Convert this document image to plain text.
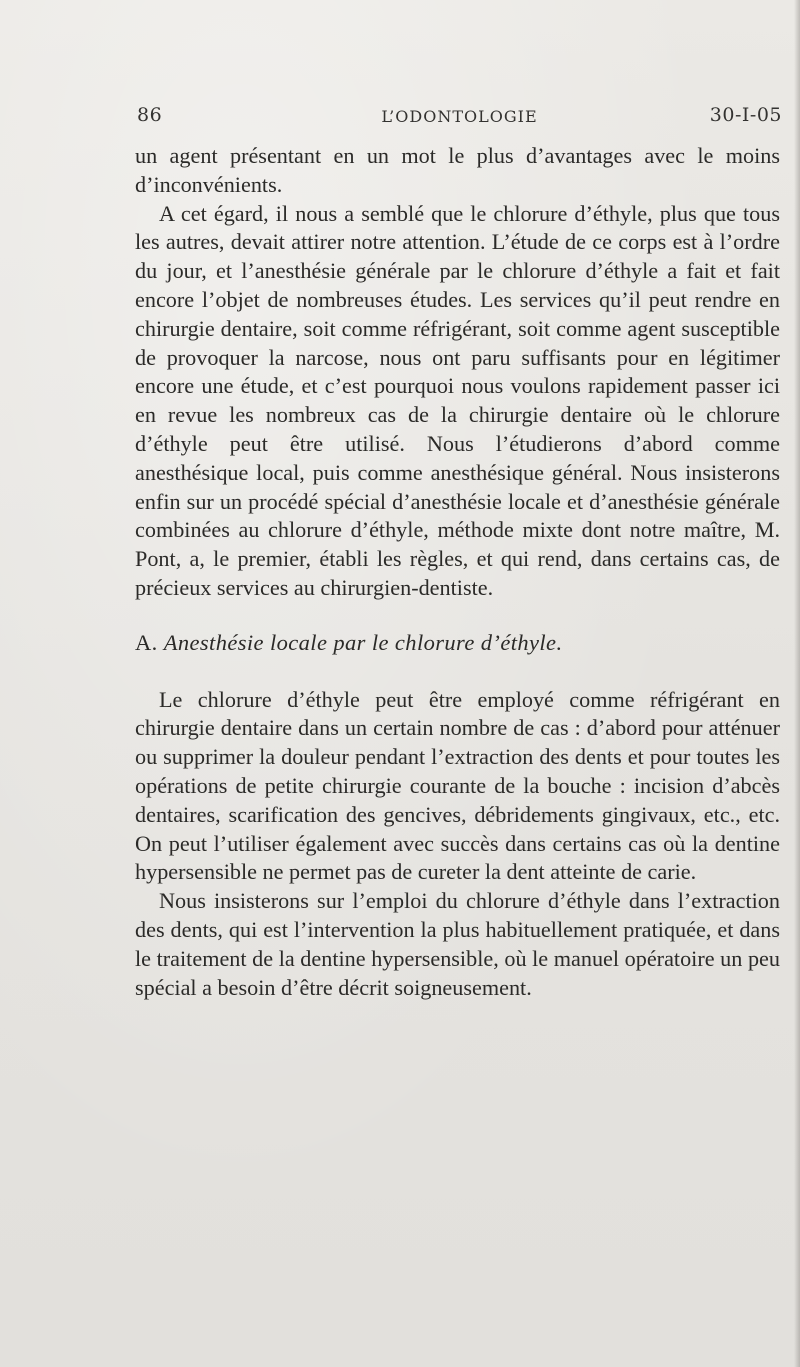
86	L’ODONTOLOGIE	30-I-05

un agent présentant en un mot le plus d’avantages avec le moins d’inconvénients.

A cet égard, il nous a semblé que le chlorure d’éthyle, plus que tous les autres, devait attirer notre attention. L’étude de ce corps est à l’ordre du jour, et l’anesthésie générale par le chlorure d’éthyle a fait et fait encore l’objet de nombreuses études. Les services qu’il peut rendre en chirurgie dentaire, soit comme réfrigérant, soit comme agent susceptible de provoquer la narcose, nous ont paru suffisants pour en légitimer encore une étude, et c’est pourquoi nous voulons rapidement passer ici en revue les nombreux cas de la chirurgie dentaire où le chlorure d’éthyle peut être utilisé. Nous l’étudierons d’abord comme anesthésique local, puis comme anesthésique général. Nous insisterons enfin sur un procédé spécial d’anesthésie locale et d’anesthésie générale combinées au chlorure d’éthyle, méthode mixte dont notre maître, M. Pont, a, le premier, établi les règles, et qui rend, dans certains cas, de précieux services au chirurgien-dentiste.

A. Anesthésie locale par le chlorure d’éthyle.

Le chlorure d’éthyle peut être employé comme réfrigérant en chirurgie dentaire dans un certain nombre de cas : d’abord pour atténuer ou supprimer la douleur pendant l’extraction des dents et pour toutes les opérations de petite chirurgie courante de la bouche : incision d’abcès dentaires, scarification des gencives, débridements gingivaux, etc., etc. On peut l’utiliser également avec succès dans certains cas où la dentine hypersensible ne permet pas de cureter la dent atteinte de carie.

Nous insisterons sur l’emploi du chlorure d’éthyle dans l’extraction des dents, qui est l’intervention la plus habituellement pratiquée, et dans le traitement de la dentine hypersensible, où le manuel opératoire un peu spécial a besoin d’être décrit soigneusement.
